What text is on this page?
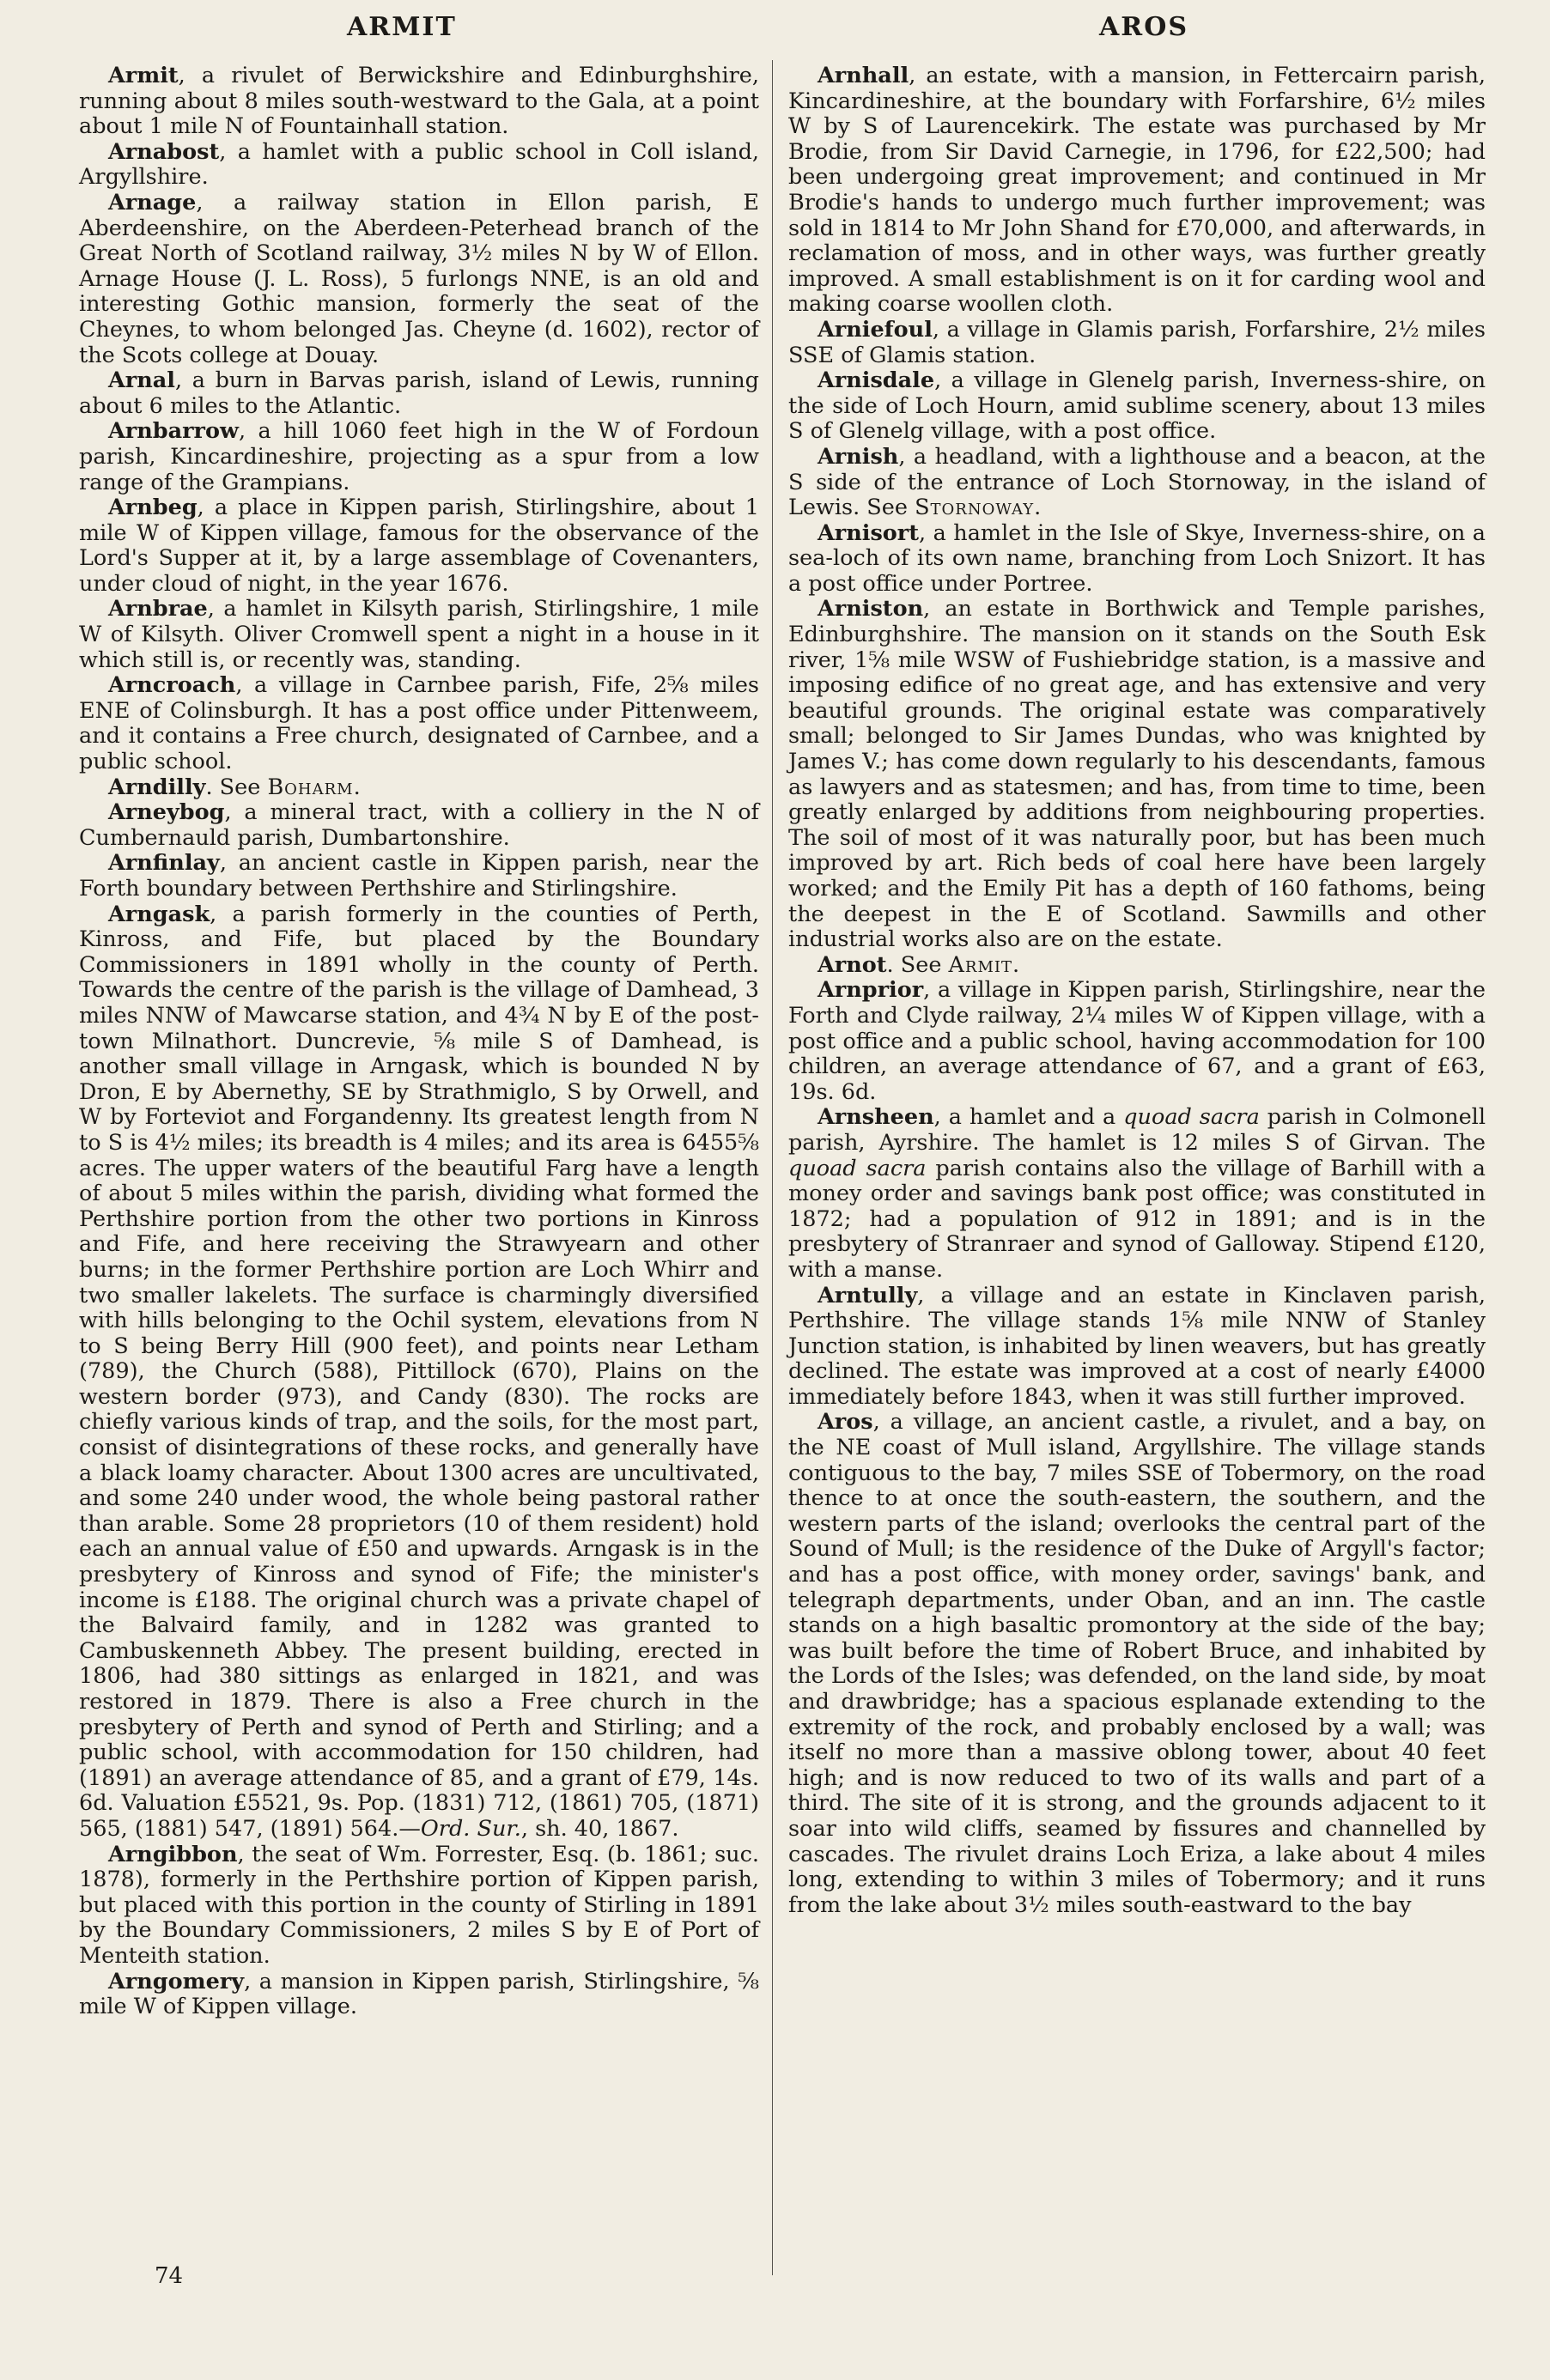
ARMIT	AROS

Armit, a rivulet of Berwickshire and Edinburghshire, running about 8 miles south-westward to the Gala, at a point about 1 mile N of Fountainhall station.

Arnabost, a hamlet with a public school in Coll island, Argyllshire.

Arnage, a railway station in Ellon parish, E Aberdeenshire, on the Aberdeen-Peterhead branch of the Great North of Scotland railway, 3½ miles N by W of Ellon. Arnage House (J. L. Ross), 5 furlongs NNE, is an old and interesting Gothic mansion, formerly the seat of the Cheynes, to whom belonged Jas. Cheyne (d. 1602), rector of the Scots college at Douay.

Arnal, a burn in Barvas parish, island of Lewis, running about 6 miles to the Atlantic.

Arnbarrow, a hill 1060 feet high in the W of Fordoun parish, Kincardineshire, projecting as a spur from a low range of the Grampians.

Arnbeg, a place in Kippen parish, Stirlingshire, about 1 mile W of Kippen village, famous for the observance of the Lord's Supper at it, by a large assemblage of Covenanters, under cloud of night, in the year 1676.

Arnbrae, a hamlet in Kilsyth parish, Stirlingshire, 1 mile W of Kilsyth. Oliver Cromwell spent a night in a house in it which still is, or recently was, standing.

Arncroach, a village in Carnbee parish, Fife, 2⅝ miles ENE of Colinsburgh. It has a post office under Pittenweem, and it contains a Free church, designated of Carnbee, and a public school.

Arndilly. See Boharm.

Arneybog, a mineral tract, with a colliery in the N of Cumbernauld parish, Dumbartonshire.

Arnfinlay, an ancient castle in Kippen parish, near the Forth boundary between Perthshire and Stirlingshire.

Arngask, a parish formerly in the counties of Perth, Kinross, and Fife, but placed by the Boundary Commissioners in 1891 wholly in the county of Perth. Towards the centre of the parish is the village of Damhead, 3 miles NNW of Mawcarse station, and 4¾ N by E of the post-town Milnathort. Duncrevie, ⅝ mile S of Damhead, is another small village in Arngask, which is bounded N by Dron, E by Abernethy, SE by Strathmiglo, S by Orwell, and W by Forteviot and Forgandenny. Its greatest length from N to S is 4½ miles; its breadth is 4 miles; and its area is 6455⅝ acres. The upper waters of the beautiful Farg have a length of about 5 miles within the parish, dividing what formed the Perthshire portion from the other two portions in Kinross and Fife, and here receiving the Strawyearn and other burns; in the former Perthshire portion are Loch Whirr and two smaller lakelets. The surface is charmingly diversified with hills belonging to the Ochil system, elevations from N to S being Berry Hill (900 feet), and points near Letham (789), the Church (588), Pittillock (670), Plains on the western border (973), and Candy (830). The rocks are chiefly various kinds of trap, and the soils, for the most part, consist of disintegrations of these rocks, and generally have a black loamy character. About 1300 acres are uncultivated, and some 240 under wood, the whole being pastoral rather than arable. Some 28 proprietors (10 of them resident) hold each an annual value of £50 and upwards. Arngask is in the presbytery of Kinross and synod of Fife; the minister's income is £188. The original church was a private chapel of the Balvaird family, and in 1282 was granted to Cambuskenneth Abbey. The present building, erected in 1806, had 380 sittings as enlarged in 1821, and was restored in 1879. There is also a Free church in the presbytery of Perth and synod of Perth and Stirling; and a public school, with accommodation for 150 children, had (1891) an average attendance of 85, and a grant of £79, 14s. 6d. Valuation £5521, 9s. Pop. (1831) 712, (1861) 705, (1871) 565, (1881) 547, (1891) 564.—Ord. Sur., sh. 40, 1867.

Arngibbon, the seat of Wm. Forrester, Esq. (b. 1861; suc. 1878), formerly in the Perthshire portion of Kippen parish, but placed with this portion in the county of Stirling in 1891 by the Boundary Commissioners, 2 miles S by E of Port of Menteith station.

Arngomery, a mansion in Kippen parish, Stirlingshire, ⅝ mile W of Kippen village.

Arnhall, an estate, with a mansion, in Fettercairn parish, Kincardineshire, at the boundary with Forfarshire, 6½ miles W by S of Laurencekirk. The estate was purchased by Mr Brodie, from Sir David Carnegie, in 1796, for £22,500; had been undergoing great improvement; and continued in Mr Brodie's hands to undergo much further improvement; was sold in 1814 to Mr John Shand for £70,000, and afterwards, in reclamation of moss, and in other ways, was further greatly improved. A small establishment is on it for carding wool and making coarse woollen cloth.

Arniefoul, a village in Glamis parish, Forfarshire, 2½ miles SSE of Glamis station.

Arnisdale, a village in Glenelg parish, Inverness-shire, on the side of Loch Hourn, amid sublime scenery, about 13 miles S of Glenelg village, with a post office.

Arnish, a headland, with a lighthouse and a beacon, at the S side of the entrance of Loch Stornoway, in the island of Lewis. See Stornoway.

Arnisort, a hamlet in the Isle of Skye, Inverness-shire, on a sea-loch of its own name, branching from Loch Snizort. It has a post office under Portree.

Arniston, an estate in Borthwick and Temple parishes, Edinburghshire. The mansion on it stands on the South Esk river, 1⅝ mile WSW of Fushiebridge station, is a massive and imposing edifice of no great age, and has extensive and very beautiful grounds. The original estate was comparatively small; belonged to Sir James Dundas, who was knighted by James V.; has come down regularly to his descendants, famous as lawyers and as statesmen; and has, from time to time, been greatly enlarged by additions from neighbouring properties. The soil of most of it was naturally poor, but has been much improved by art. Rich beds of coal here have been largely worked; and the Emily Pit has a depth of 160 fathoms, being the deepest in the E of Scotland. Sawmills and other industrial works also are on the estate.

Arnot. See Armit.

Arnprior, a village in Kippen parish, Stirlingshire, near the Forth and Clyde railway, 2¼ miles W of Kippen village, with a post office and a public school, having accommodation for 100 children, an average attendance of 67, and a grant of £63, 19s. 6d.

Arnsheen, a hamlet and a quoad sacra parish in Colmonell parish, Ayrshire. The hamlet is 12 miles S of Girvan. The quoad sacra parish contains also the village of Barhill with a money order and savings bank post office; was constituted in 1872; had a population of 912 in 1891; and is in the presbytery of Stranraer and synod of Galloway. Stipend £120, with a manse.

Arntully, a village and an estate in Kinclaven parish, Perthshire. The village stands 1⅝ mile NNW of Stanley Junction station, is inhabited by linen weavers, but has greatly declined. The estate was improved at a cost of nearly £4000 immediately before 1843, when it was still further improved.

Aros, a village, an ancient castle, a rivulet, and a bay, on the NE coast of Mull island, Argyllshire. The village stands contiguous to the bay, 7 miles SSE of Tobermory, on the road thence to at once the south-eastern, the southern, and the western parts of the island; overlooks the central part of the Sound of Mull; is the residence of the Duke of Argyll's factor; and has a post office, with money order, savings' bank, and telegraph departments, under Oban, and an inn. The castle stands on a high basaltic promontory at the side of the bay; was built before the time of Robert Bruce, and inhabited by the Lords of the Isles; was defended, on the land side, by moat and drawbridge; has a spacious esplanade extending to the extremity of the rock, and probably enclosed by a wall; was itself no more than a massive oblong tower, about 40 feet high; and is now reduced to two of its walls and part of a third. The site of it is strong, and the grounds adjacent to it soar into wild cliffs, seamed by fissures and channelled by cascades. The rivulet drains Loch Eriza, a lake about 4 miles long, extending to within 3 miles of Tobermory; and it runs from the lake about 3½ miles south-eastward to the bay

74
